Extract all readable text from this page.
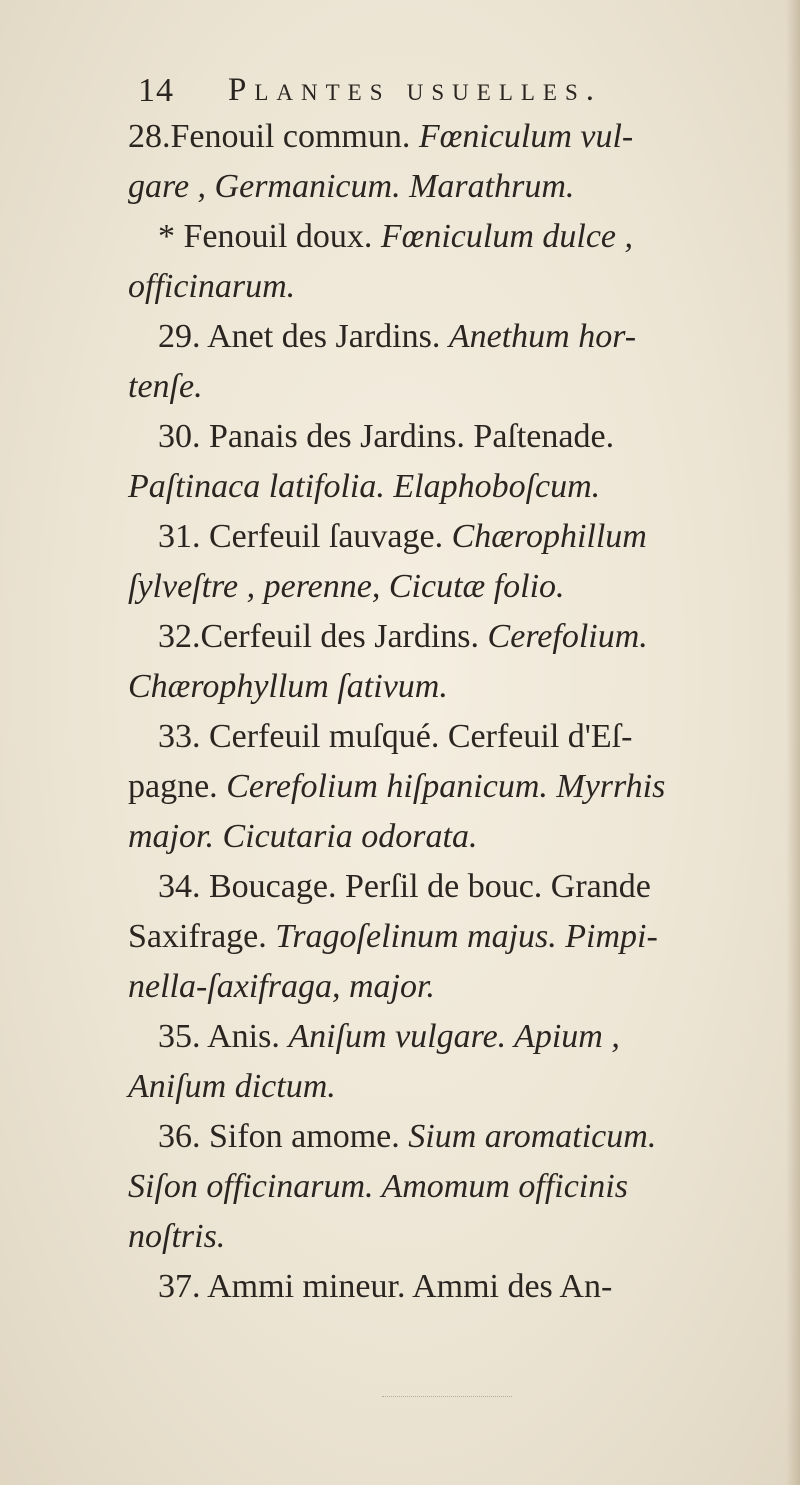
14 Plantes usuelles.
28.Fenouil commun. Fœniculum vul-
gare , Germanicum. Marathrum.
* Fenouil doux. Fœniculum dulce ,
officinarum.
29. Anet des Jardins. Anethum hor-
tenſe.
30. Panais des Jardins. Paſtenade.
Paſtinaca latifolia. Elaphoboſcum.
31. Cerfeuil ſauvage. Chærophillum
ſylveſtre , perenne, Cicutæ folio.
32.Cerfeuil des Jardins. Cerefolium.
Chærophyllum ſativum.
33. Cerfeuil muſqué. Cerfeuil d'Eſ-
pagne. Cerefolium hiſpanicum. Myrrhis
major. Cicutaria odorata.
34. Boucage. Perſil de bouc. Grande
Saxifrage. Tragoſelinum majus. Pimpi-
nella-ſaxifraga, major.
35. Anis. Aniſum vulgare. Apium ,
Aniſum dictum.
36. Sifon amome. Sium aromaticum.
Siſon officinarum. Amomum officinis
noſtris.
37. Ammi mineur. Ammi des An-
